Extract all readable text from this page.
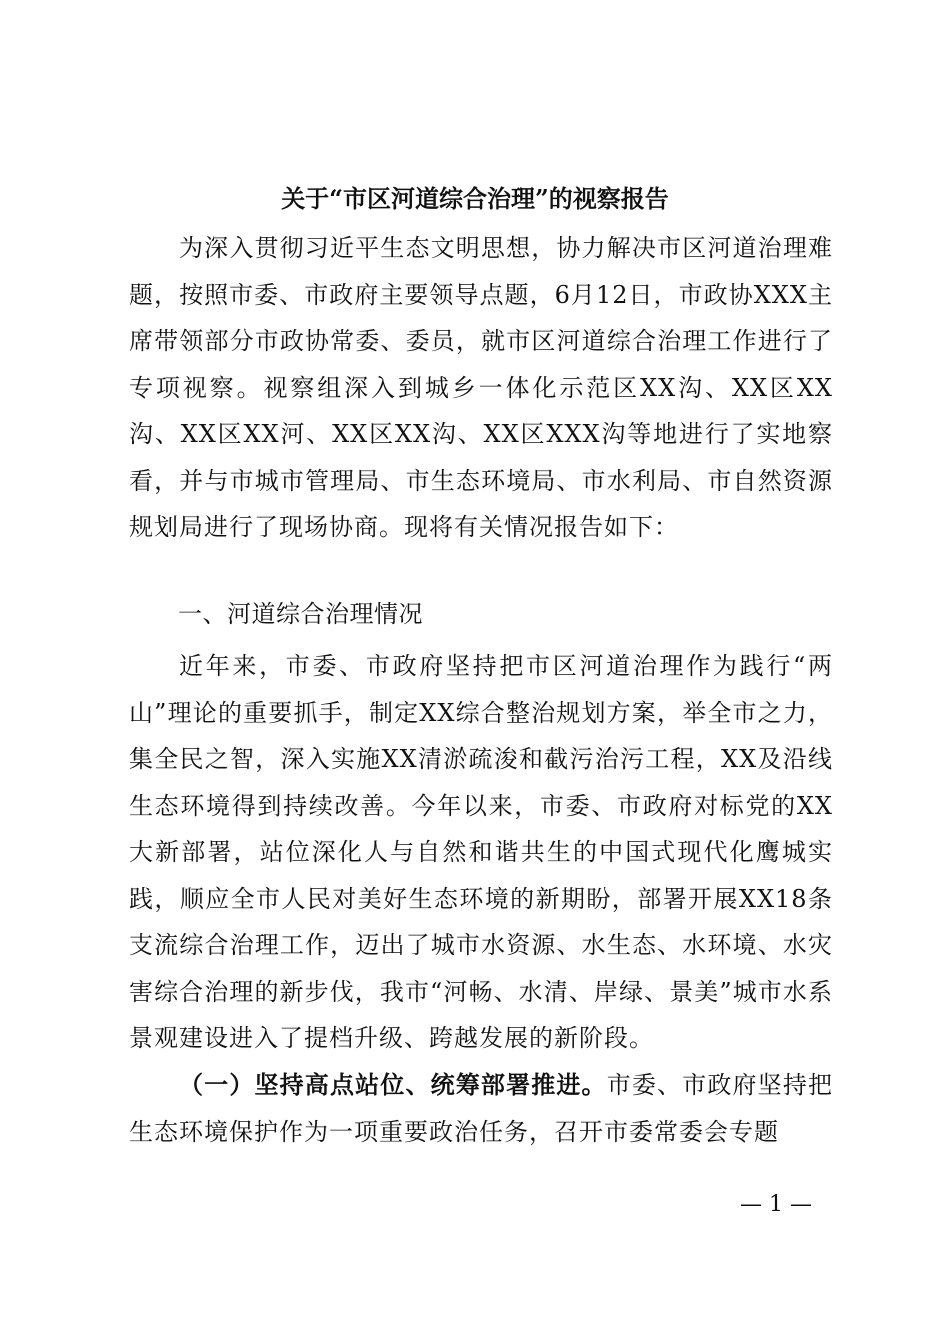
关于“市区河道综合治理”的视察报告

为深入贯彻习近平生态文明思想，协力解决市区河道治理难题，按照市委、市政府主要领导点题，6月12日，市政协XXX主席带领部分市政协常委、委员，就市区河道综合治理工作进行了专项视察。视察组深入到城乡一体化示范区XX沟、XX区XX沟、XX区XX河、XX区XX沟、XX区XXX沟等地进行了实地察看，并与市城市管理局、市生态环境局、市水利局、市自然资源规划局进行了现场协商。现将有关情况报告如下：

一、河道综合治理情况

近年来，市委、市政府坚持把市区河道治理作为践行“两山”理论的重要抓手，制定XX综合整治规划方案，举全市之力，集全民之智，深入实施XX清淤疏浚和截污治污工程，XX及沿线生态环境得到持续改善。今年以来，市委、市政府对标党的XX大新部署，站位深化人与自然和谐共生的中国式现代化鹰城实践，顺应全市人民对美好生态环境的新期盼，部署开展XX18条支流综合治理工作，迈出了城市水资源、水生态、水环境、水灾害综合治理的新步伐，我市“河畅、水清、岸绿、景美”城市水系景观建设进入了提档升级、跨越发展的新阶段。

（一）坚持高点站位、统筹部署推进。市委、市政府坚持把生态环境保护作为一项重要政治任务，召开市委常委会专题

— 1 —
